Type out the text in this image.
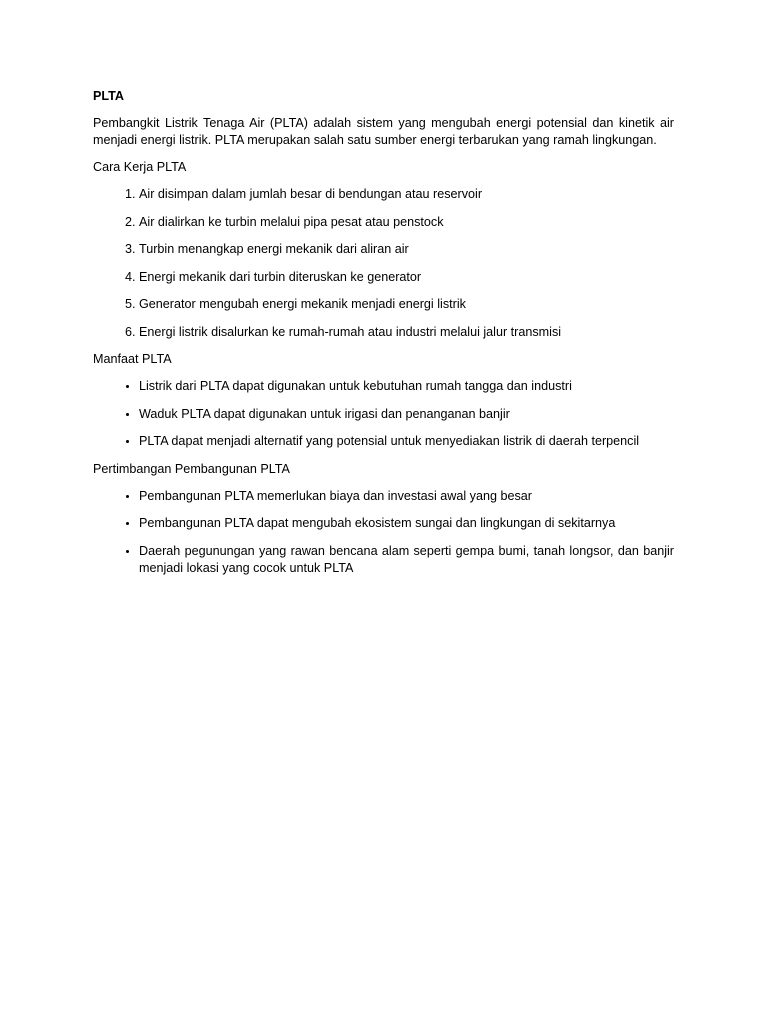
PLTA

Pembangkit Listrik Tenaga Air (PLTA) adalah sistem yang mengubah energi potensial dan kinetik air menjadi energi listrik. PLTA merupakan salah satu sumber energi terbarukan yang ramah lingkungan.

Cara Kerja PLTA

1. Air disimpan dalam jumlah besar di bendungan atau reservoir
2. Air dialirkan ke turbin melalui pipa pesat atau penstock
3. Turbin menangkap energi mekanik dari aliran air
4. Energi mekanik dari turbin diteruskan ke generator
5. Generator mengubah energi mekanik menjadi energi listrik
6. Energi listrik disalurkan ke rumah-rumah atau industri melalui jalur transmisi

Manfaat PLTA

• Listrik dari PLTA dapat digunakan untuk kebutuhan rumah tangga dan industri
• Waduk PLTA dapat digunakan untuk irigasi dan penanganan banjir
• PLTA dapat menjadi alternatif yang potensial untuk menyediakan listrik di daerah terpencil

Pertimbangan Pembangunan PLTA

• Pembangunan PLTA memerlukan biaya dan investasi awal yang besar
• Pembangunan PLTA dapat mengubah ekosistem sungai dan lingkungan di sekitarnya
• Daerah pegunungan yang rawan bencana alam seperti gempa bumi, tanah longsor, dan banjir menjadi lokasi yang cocok untuk PLTA
